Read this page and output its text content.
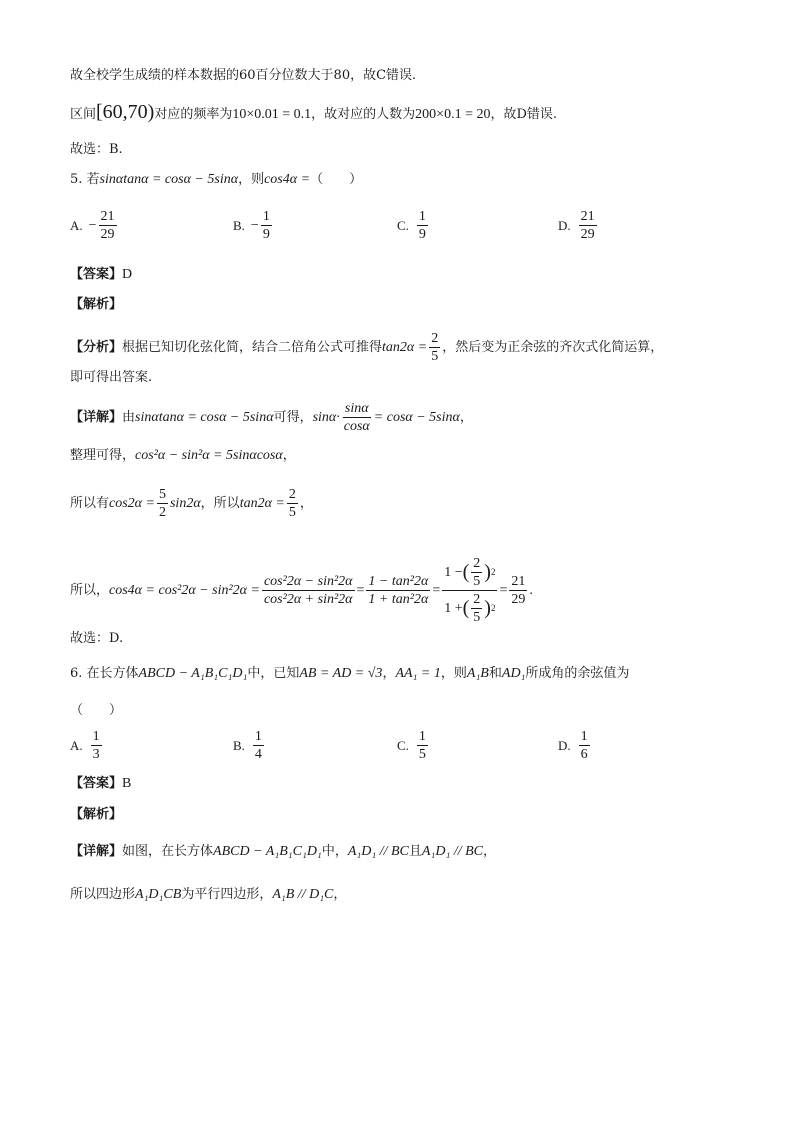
故全校学生成绩的样本数据的60百分位数大于80，故C错误.
区间[60,70)对应的频率为10×0.01 = 0.1，故对应的人数为200×0.1 = 20，故D错误.
故选：B.
5. 若sinαtanα = cosα − 5sinα，则cos4α =（　　）
A. − $\frac{21}{29}$	B. − $\frac{1}{9}$	C. $\frac{1}{9}$	D. $\frac{21}{29}$
【答案】D
【解析】
【分析】根据已知切化弦化简，结合二倍角公式可推得$\tan 2\alpha = \frac{2}{5}$ ，然后变为正余弦的齐次式化简运算，
即可得出答案.
【详解】由sinαtanα = cosα − 5sinα可得，$\sin\alpha\cdot \frac{\sin\alpha}{\cos\alpha} = \cos\alpha - 5\sin\alpha$，
整理可得，cos²α − sin²α = 5sinαcosα，
所以有$\cos 2\alpha = \frac{5}{2} \sin 2\alpha$，所以$\tan 2\alpha = \frac{2}{5}$ ，
所以， $\cos 4\alpha = \cos^22\alpha - \sin^22\alpha = \frac{\text{cos²2α − sin²2α}}{\text{cos²2α + sin²2α}} = \frac{\text{1 − tan²2α}}{\text{1 + tan²2α}} = \frac{1 - ( \frac{2}{5} ) 2}{1 + ( \frac{2}{5} ) 2} = \frac{21}{29}$ .
故选：D.
6. 在长方体ABCD − A₁B₁C₁D₁中，已知AB = AD = √3，AA₁ = 1，则A₁B和AD₁所成角的余弦值为
（　　）
A. $\frac{1}{3}$	B. $\frac{1}{4}$	C. $\frac{1}{5}$	D. $\frac{1}{6}$
【答案】B
【解析】
【详解】如图，在长方体ABCD − A₁B₁C₁D₁中，A₁D₁ // BC且A₁D₁ // BC，
所以四边形A₁D₁CB为平行四边形，A₁B // D₁C，
